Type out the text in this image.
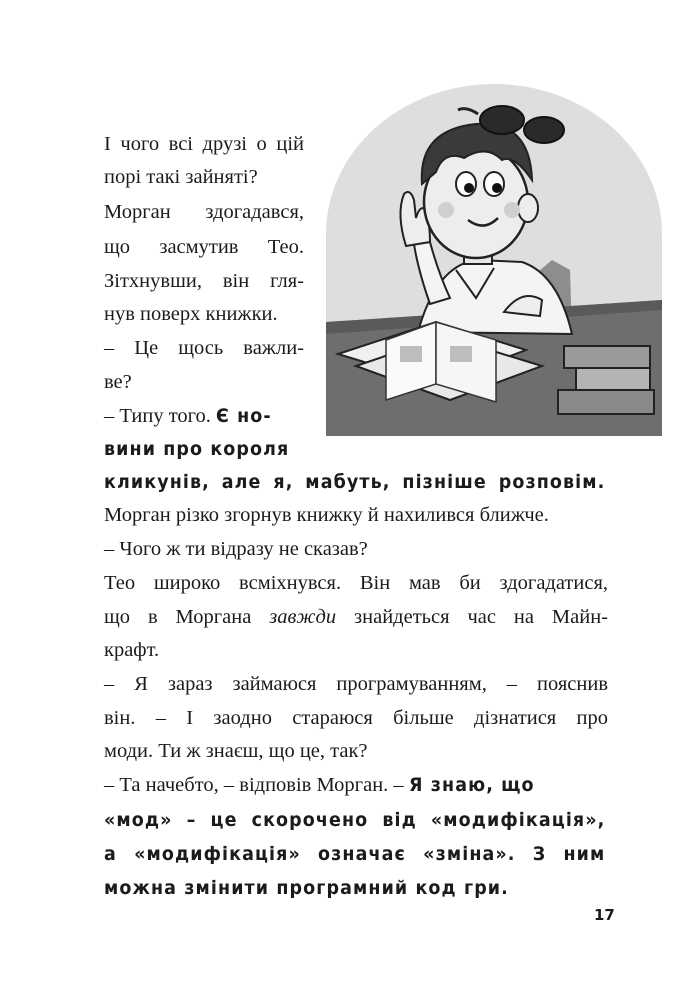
І чого всі друзі о цій

порі такі зайняті?

Морган здогадався,

що засмутив Тео.

Зітхнувши, він гля-

нув поверх книжки.

– Це щось важли-

ве?

– Типу того. Є но-

вини про короля

кликунів, але я, мабуть, пізніше розповім.

Морган різко згорнув книжку й нахилився ближче.

– Чого ж ти відразу не сказав?

Тео широко всміхнувся. Він мав би здогадатися,

що в Моргана завжди знайдеться час на Майн-

крафт.

– Я зараз займаюся програмуванням, – пояснив

він. – І заодно стараюся більше дізнатися про

моди. Ти ж знаєш, що це, так?

– Та начебто, – відповів Морган. – Я знаю, що

«мод» – це скорочено від «модифікація»,

а «модифікація» означає «зміна». З ним

можна змінити програмний код гри.

17
